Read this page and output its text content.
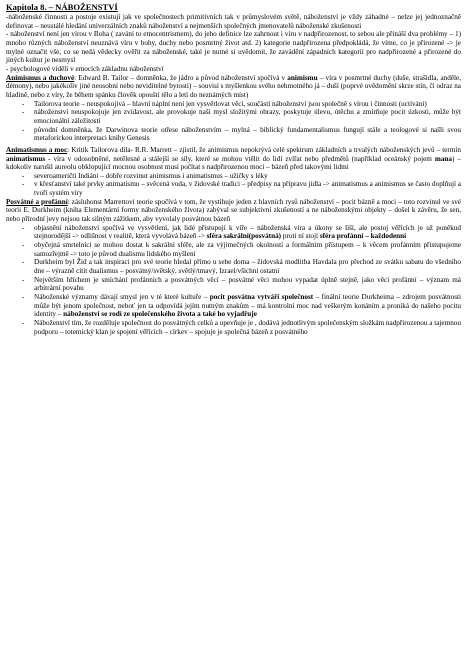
Kapitola 8. – NÁBOŽENSTVÍ

-náboženské činnosti a postoje existují jak ve společnostech primitivních tak v průmyslovém světě, náboženství je vždy záhadné – nelze jej jednoznačně definovat – neustálé hledání univerzálních znaků náboženství a nejmenších společných jmenovatelů náboženské zkušenosti

- náboženství není jen vírou v Boha ( zavání to etnocentrismem), do jeho definice lze zahrnout i víru v nadpřirozenost, to sebou ale přináší dva problémy – 1) mnoho různých náboženství neuznává víru v bohy, duchy nebo posmrtný život atd. 2) kategorie nadpřirozena předpokládá, že víme, co je přirozené -> je mylné označit vše, co se nedá vědecky ověřit za náboženské, také je nutné si uvědomit, že zavádění západních kategorií pro nadpřirozené a přirozené do jiných kultur je nesmysl

- psychologové viděli v emocích základnu náboženství

Animismus a duchové: Edward B. Tailor – domněnka, že jádro a původ náboženství spočívá v animismu – víra v posmrtné duchy (duše, strašidla, anděle, démony), nebo jakékoliv jiné neosobní nebo neviditelné bytosti) – souvisí s myšlenkou svého nehmotného já – duší (poprvé uvědomění skrze stín, či odraz na hladině, nebo z víry, že během spánku člověk opouští tělo a letí do neznámých míst)

- Tailorova teorie – neuspokojivá – hlavní náplní není jen vysvětlovat věci, součástí náboženství jsou společně s vírou i činnosti (uctívání)
- náboženství neuspokojuje jen zvídavost, ale provokuje naši mysl složitými obrazy, poskytuje úlevu, útěchu a zmírňuje pocit úzkosti, může být emocionální záležitostí
- původní domněnka, že Darwinova teorie otřese náboženstvím – mylná – biblický fundamentalismus fungují stále a teologové si našli svou metaforickou interpretaci knihy Genesis

Animatismus a moc: Kritik Tailorova díla- R.R. Marrett – zjistil, že animismus nepokrývá celé spektrum základních a trvalých náboženských jevů – termín animatismus - víra v odosobněné, netělesné a stálejší se síly, které se mohou vtělit do lidí zvířat nebo předmětů (například oceánský pojem mana) – kdokoliv narušil aureolu obklopující mocnou osobnost musí počítat s nadpřirozenou mocí – bázeň před takovými lidmi

- severoameričtí Indiáni – dobře rozvinut animismus i animatismus – užičky s léky
- v křesťanství také prvky animatismu – svěcená voda, v židovské tradici – předpisy na přípravu jídla -> animatismus a animismus se často doplňují a tvoří systém víry

Posvátné a profánní: zásluhonst Marrettovi teorie spočívá v tom, že vystihuje jeden z hlavních rysů náboženství – pocit bázně a moci – toto rozvinul ve své teorii E. Durkheim (kniha Elementární formy náboženského života) zabýval se subjektivní zkušeností a ne náboženskými objekty – došel k závěru, že sen, nebo přírodní jevy nejsou tak silným zážitkem, aby vyvolaly posvátnou bázeň

- objasnění náboženství spočívá ve vysvětlení, jak lidé přistupují k víře – náboženská víra a úkony se liší, ale postoj věřících je už poněkud stejnorodější -> odlišnost v realitě, která vyvolává bázeň -> sféra sakrální(posvátná) proti ní stojí sféra profánní – každodenní
- obyčejná smrtelníci se mohou dostat k sakrální sféře, ale za výjimečných okolností a formálním přístupem – k věcem profánním přistupujeme samozřejmě -> toto je původ dualismu lidského myšlení
- Durkheim byl Žid a tak inspiraci pro své teorie hledal přímo u sebe doma – židovská modlitba Havdala pro přechod ze svátku sabatu do všedního dne – výrazně cítit dualismus – posvátný/světský, světlý/tmavý, Izrael/všichni ostatní
- Největším hříchem je smíchání profánních a posvátných věcí – posvátné věci mohou vypadat úplně stejně, jako věci profánní – význam má arbitrární povahu
- Náboženské významy dávají smysl jen v té které kultuře – pocit posvátna vytváří společnost – finální teorie Durkheima – zdrojem posvátnosti může být jenom společnost, neboť jen ta odpovídá jejím nutným znakům – má kontrolní moc nad veškerým konáním a proniká do našeho pocitu identity – náboženství se rodí ze společenského života a také ho vyjadřuje
- Náboženství tím, že rozděluje společnost do posvátných celků a upevňuje je , dodává jednotlivým společenským složkám nadpřirozenou a tajemnou podporu – totemický klan je spojení věřících – církev – spojuje je společná bázeň z posvátného
